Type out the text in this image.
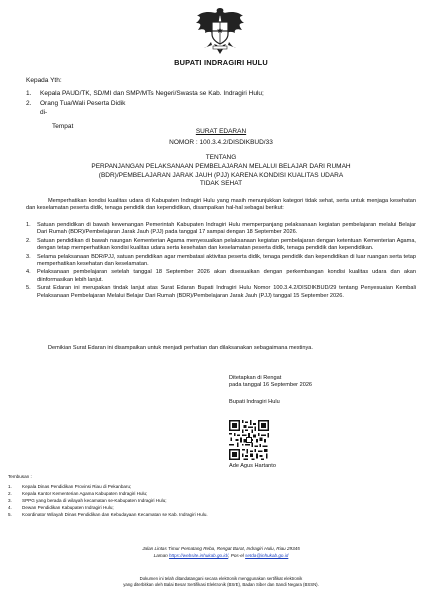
BUPATI INDRAGIRI HULU
Kepada Yth:
1. Kepala PAUD/TK, SD/MI dan SMP/MTs Negeri/Swasta se Kab. Indragiri Hulu;
2. Orang Tua/Wali Peserta Didik
di-
Tempat
SURAT EDARAN
NOMOR : 100.3.4.2/DISDIKBUD/33
TENTANG
PERPANJANGAN PELAKSANAAN PEMBELAJARAN MELALUI BELAJAR DARI RUMAH
(BDR)/PEMBELAJARAN JARAK JAUH (PJJ) KARENA KONDISI KUALITAS UDARA
TIDAK SEHAT
Memperhatikan kondisi kualitas udara di Kabupaten Indragiri Hulu yang masih menunjukkan kategori tidak sehat, serta untuk menjaga kesehatan dan keselamatan peserta didik, tenaga pendidik dan kependidikan, disampaikan hal-hal sebagai berikut:
1. Satuan pendidikan di bawah kewenangan Pemerintah Kabupaten Indragiri Hulu memperpanjang pelaksanaan kegiatan pembelajaran melalui Belajar Dari Rumah (BDR)/Pembelajaran Jarak Jauh (PJJ) pada tanggal 17 sampai dengan 18 September 2026.
2. Satuan pendidikan di bawah naungan Kementerian Agama menyesuaikan pelaksanaan kegiatan pembelajaran dengan ketentuan Kementerian Agama, dengan tetap memperhatikan kondisi kualitas udara serta kesehatan dan keselamatan peserta didik, tenaga pendidik dan kependidikan.
3. Selama pelaksanaan BDR/PJJ, satuan pendidikan agar membatasi aktivitas peserta didik, tenaga pendidik dan kependidikan di luar ruangan serta tetap memperhatikan kesehatan dan keselamatan.
4. Pelaksanaan pembelajaran setelah tanggal 18 September 2026 akan disesuaikan dengan perkembangan kondisi kualitas udara dan akan diinformasikan lebih lanjut.
5. Surat Edaran ini merupakan tindak lanjut atas Surat Edaran Bupati Indragiri Hulu Nomor 100.3.4.2/DISDIKBUD/29 tentang Penyesuaian Kembali Pelaksanaan Pembelajaran Melalui Belajar Dari Rumah (BDR)/Pembelajaran Jarak Jauh (PJJ) tanggal 15 September 2026.
Demikian Surat Edaran ini disampaikan untuk menjadi perhatian dan dilaksanakan sebagaimana mestinya.
Ditetapkan di Rengat
pada tanggal 16 September 2026
Bupati Indragiri Hulu
Ade Agus Hartanto
Tembusan :
1. Kepala Dinas Pendidikan Provinsi Riau di Pekanbaru;
2. Kepala Kantor Kementerian Agama Kabupaten Indragiri Hulu;
3. SPPG yang berada di wilayah kecamatan se-Kabupaten Indragiri Hulu;
4. Dewan Pendidikan Kabupaten Indragiri Hulu;
5. Koordinator Wilayah Dinas Pendidikan dan Kebudayaan Kecamatan se Kab. Indragiri Hulu.
Jalan Lintas Timur Pematang Reba, Rengat Barat, Indragiri Hulu, Riau 29345
Laman https://website.inhukab.go.id/, Pos-el setda@inhukab.go.id
Dokumen ini telah ditandatangani secara elektronik menggunakan sertifikat elektronik
yang diterbitkan oleh Balai Besar Sertifikasi Elektronik (BSrE), Badan Siber dan Sandi Negara (BSSN).
